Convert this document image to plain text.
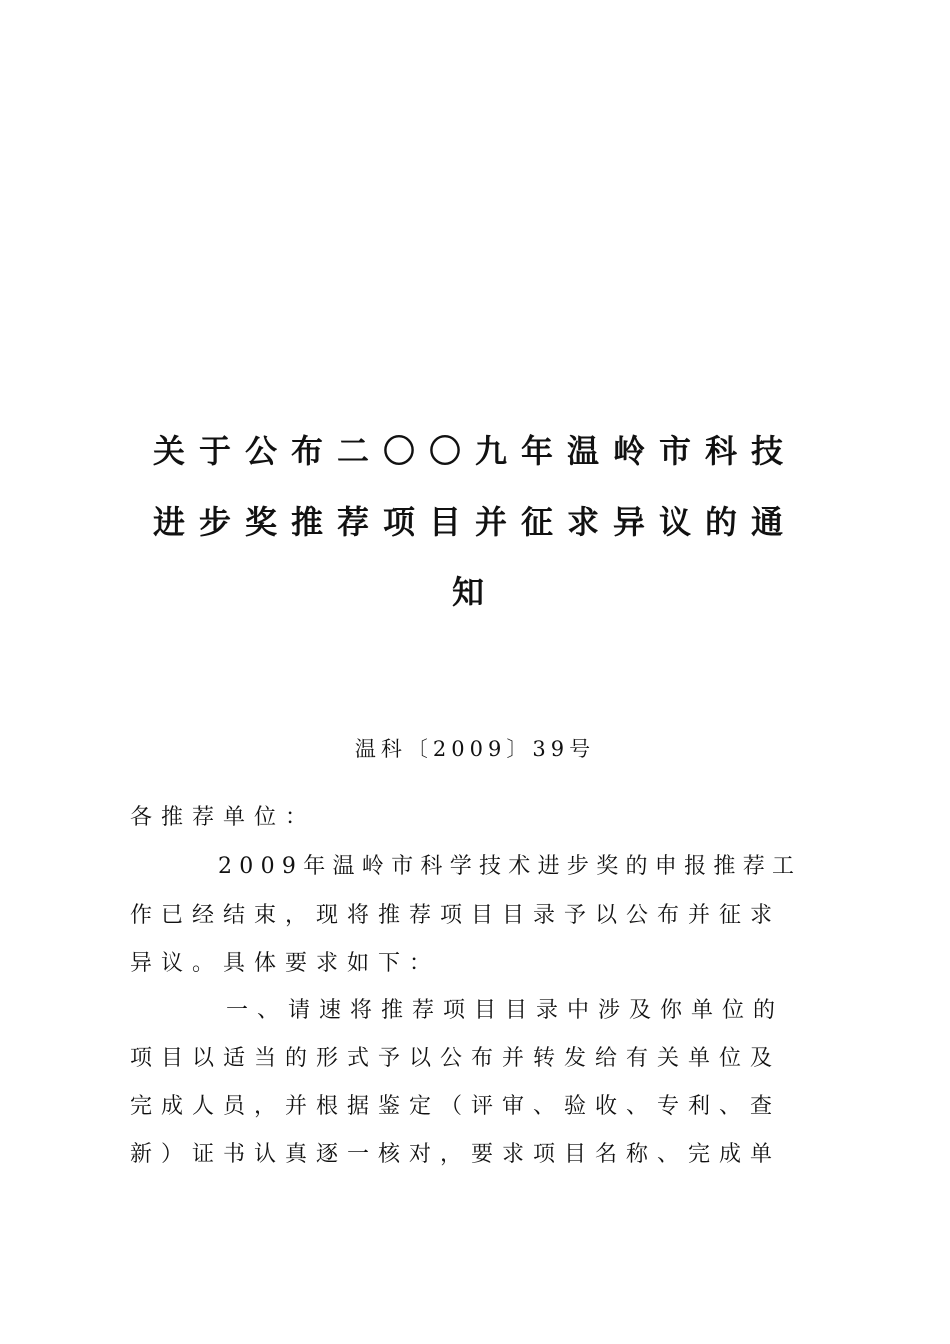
关于公布二〇〇九年温岭市科技
进步奖推荐项目并征求异议的通
知
温科〔2009〕39号
各推荐单位：
2009年温岭市科学技术进步奖的申报推荐工
作已经结束，现将推荐项目目录予以公布并征求
异议。具体要求如下：
一、请速将推荐项目目录中涉及你单位的
项目以适当的形式予以公布并转发给有关单位及
完成人员，并根据鉴定（评审、验收、专利、查
新）证书认真逐一核对，要求项目名称、完成单
